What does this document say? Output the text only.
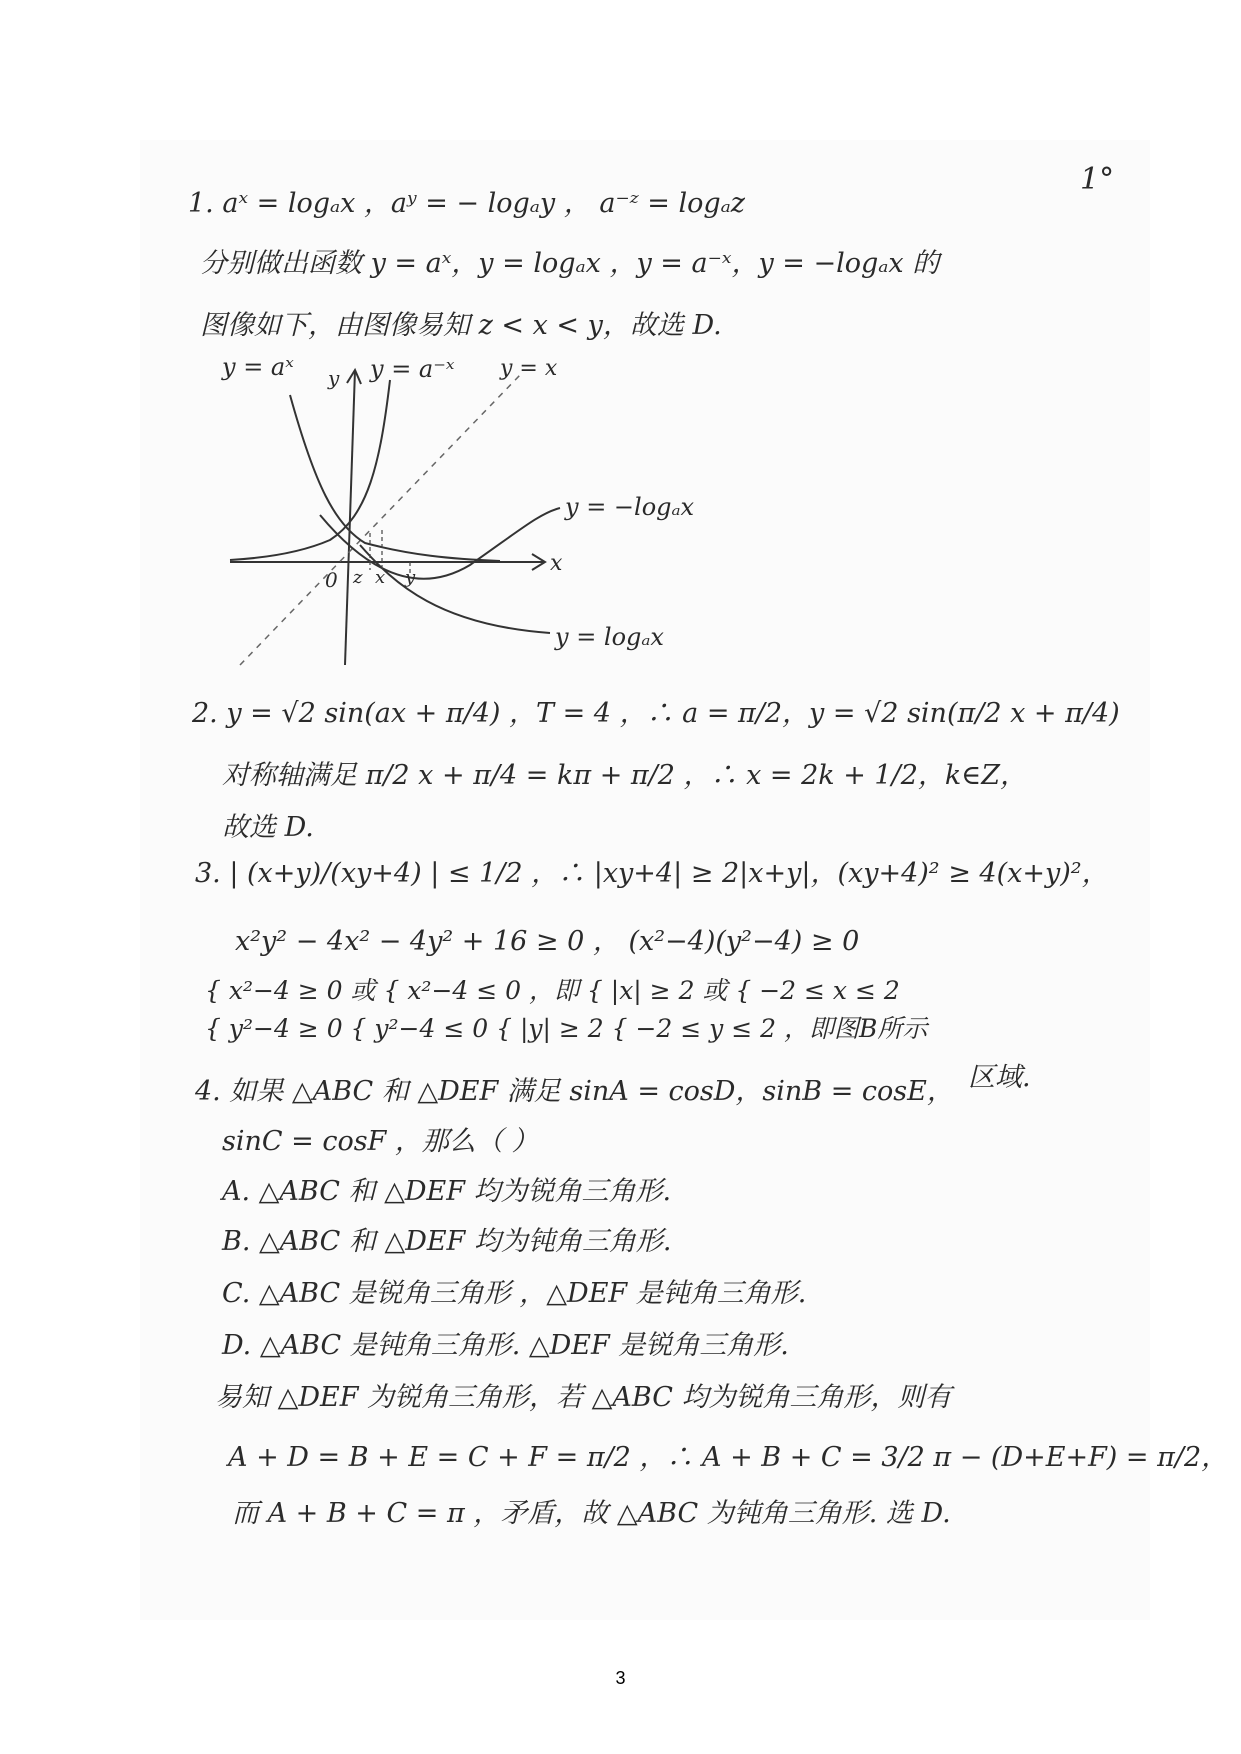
1°
1. aˣ = logₐx ，aʸ = − logₐy ， a⁻ᶻ = logₐz
分别做出函数 y = aˣ，y = logₐx ，y = a⁻ˣ，y = −logₐx 的
图像如下，由图像易知 z < x < y，故选 D.
y = aˣ	y = a⁻ˣ y = x
y = −logₐx
y = logₐx
x
y
0 z x y
2. y = √2 sin(ax + π/4) ，T = 4 ，∴ a = π/2，y = √2 sin(π/2 x + π/4)
对称轴满足 π/2 x + π/4 = kπ + π/2 ，∴ x = 2k + 1/2，k∈Z，
故选 D.
3. | (x+y)/(xy+4) | ≤ 1/2 ，∴ |xy+4| ≥ 2|x+y|，(xy+4)² ≥ 4(x+y)²，
x²y² − 4x² − 4y² + 16 ≥ 0 ， (x²−4)(y²−4) ≥ 0
{ x²−4 ≥ 0 或 { x²−4 ≤ 0 ，即 { |x| ≥ 2 或 { −2 ≤ x ≤ 2
{ y²−4 ≥ 0 { y²−4 ≤ 0 { |y| ≥ 2 { −2 ≤ y ≤ 2 ，即图B所示
4. 如果 △ABC 和 △DEF 满足 sinA = cosD，sinB = cosE， 区域.
sinC = cosF ，那么（ ）
A. △ABC 和 △DEF 均为锐角三角形.
B. △ABC 和 △DEF 均为钝角三角形.
C. △ABC 是锐角三角形 ，△DEF 是钝角三角形.
D. △ABC 是钝角三角形. △DEF 是锐角三角形.
易知 △DEF 为锐角三角形，若 △ABC 均为锐角三角形，则有
A + D = B + E = C + F = π/2 ，∴ A + B + C = 3/2 π − (D+E+F) = π/2，
而 A + B + C = π ，矛盾，故 △ABC 为钝角三角形. 选 D.
3
